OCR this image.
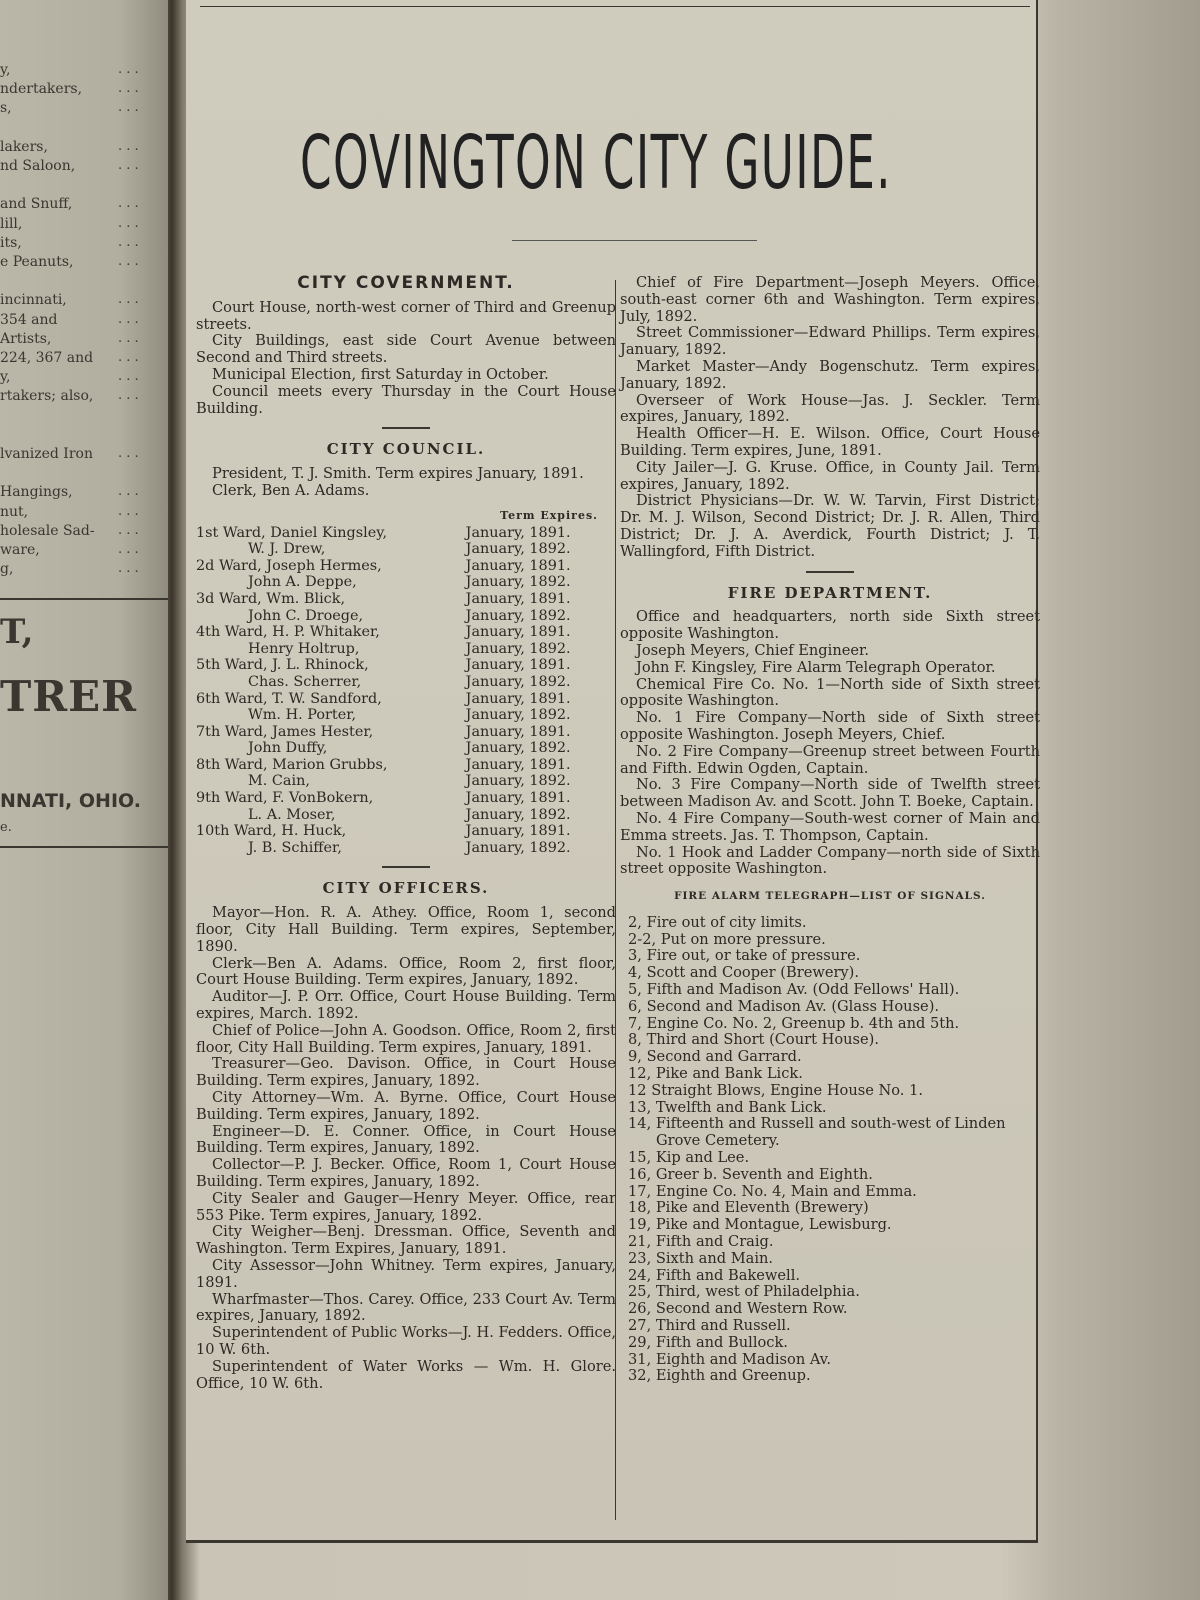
y,	. . .
ndertakers,	. . .
s,	. . .
lakers,	. . .
nd Saloon,	. . .
and Snuff,	. . .
lill,	. . .
its,	. . .
e Peanuts,	. . .
incinnati,	. . .
354 and	. . .
Artists,	. . .
224, 367 and . . .
y,	. . .
rtakers; also, . . .
lvanized Iron . . .
Hangings,	. . .
nut,	. . .
holesale Sad- . . .
ware,	. . .
g,	. . .
T,
TRER
NNATI, OHIO.
e.
COVINGTON CITY GUIDE.
CITY COVERNMENT.

Court House, north-west corner of Third and Greenup streets.

City Buildings, east side Court Avenue between Second and Third streets.

Municipal Election, first Saturday in October.

Council meets every Thursday in the Court House Building.

CITY COUNCIL.

President, T. J. Smith. Term expires January, 1891.

Clerk, Ben A. Adams.

Term Expires.
1st Ward, Daniel Kingsley,	January, 1891.
W. J. Drew,	January, 1892.
2d Ward, Joseph Hermes,	January, 1891.
John A. Deppe,	January, 1892.
3d Ward, Wm. Blick,	January, 1891.
John C. Droege,	January, 1892.
4th Ward, H. P. Whitaker,	January, 1891.
Henry Holtrup,	January, 1892.
5th Ward, J. L. Rhinock,	January, 1891.
Chas. Scherrer,	January, 1892.
6th Ward, T. W. Sandford,	January, 1891.
Wm. H. Porter,	January, 1892.
7th Ward, James Hester,	January, 1891.
John Duffy,	January, 1892.
8th Ward, Marion Grubbs,	January, 1891.
M. Cain,	January, 1892.
9th Ward, F. VonBokern,	January, 1891.
L. A. Moser,	January, 1892.
10th Ward, H. Huck,	January, 1891.
J. B. Schiffer,	January, 1892.
CITY OFFICERS.

Mayor—Hon. R. A. Athey. Office, Room 1, second floor, City Hall Building. Term expires, September, 1890.

Clerk—Ben A. Adams. Office, Room 2, first floor, Court House Building. Term expires, January, 1892.

Auditor—J. P. Orr. Office, Court House Building. Term expires, March. 1892.

Chief of Police—John A. Goodson. Office, Room 2, first floor, City Hall Building. Term expires, January, 1891.

Treasurer—Geo. Davison. Office, in Court House Building. Term expires, January, 1892.

City Attorney—Wm. A. Byrne. Office, Court House Building. Term expires, January, 1892.

Engineer—D. E. Conner. Office, in Court House Building. Term expires, January, 1892.

Collector—P. J. Becker. Office, Room 1, Court House Building. Term expires, January, 1892.

City Sealer and Gauger—Henry Meyer. Office, rear 553 Pike. Term expires, January, 1892.

City Weigher—Benj. Dressman. Office, Seventh and Washington. Term Expires, January, 1891.

City Assessor—John Whitney. Term expires, January, 1891.

Wharfmaster—Thos. Carey. Office, 233 Court Av. Term expires, January, 1892.

Superintendent of Public Works—J. H. Fedders. Office, 10 W. 6th.

Superintendent of Water Works — Wm. H. Glore. Office, 10 W. 6th.

Chief of Fire Department—Joseph Meyers. Office, south-east corner 6th and Washington. Term expires, July, 1892.

Street Commissioner—Edward Phillips. Term expires, January, 1892.

Market Master—Andy Bogenschutz. Term expires, January, 1892.

Overseer of Work House—Jas. J. Seckler. Term expires, January, 1892.

Health Officer—H. E. Wilson. Office, Court House Building. Term expires, June, 1891.

City Jailer—J. G. Kruse. Office, in County Jail. Term expires, January, 1892.

District Physicians—Dr. W. W. Tarvin, First District; Dr. M. J. Wilson, Second District; Dr. J. R. Allen, Third District; Dr. J. A. Averdick, Fourth District; J. T. Wallingford, Fifth District.

FIRE DEPARTMENT.

Office and headquarters, north side Sixth street opposite Washington.

Joseph Meyers, Chief Engineer.

John F. Kingsley, Fire Alarm Telegraph Operator.

Chemical Fire Co. No. 1—North side of Sixth street opposite Washington.

No. 1 Fire Company—North side of Sixth street opposite Washington. Joseph Meyers, Chief.

No. 2 Fire Company—Greenup street between Fourth and Fifth. Edwin Ogden, Captain.

No. 3 Fire Company—North side of Twelfth street between Madison Av. and Scott. John T. Boeke, Captain.

No. 4 Fire Company—South-west corner of Main and Emma streets. Jas. T. Thompson, Captain.

No. 1 Hook and Ladder Company—north side of Sixth street opposite Washington.

FIRE ALARM TELEGRAPH—LIST OF SIGNALS.

2, Fire out of city limits.

2-2, Put on more pressure.

3, Fire out, or take of pressure.

4, Scott and Cooper (Brewery).

5, Fifth and Madison Av. (Odd Fellows' Hall).

6, Second and Madison Av. (Glass House).

7, Engine Co. No. 2, Greenup b. 4th and 5th.

8, Third and Short (Court House).

9, Second and Garrard.

12, Pike and Bank Lick.

12 Straight Blows, Engine House No. 1.

13, Twelfth and Bank Lick.

14, Fifteenth and Russell and south-west of Linden Grove Cemetery.

15, Kip and Lee.

16, Greer b. Seventh and Eighth.

17, Engine Co. No. 4, Main and Emma.

18, Pike and Eleventh (Brewery)

19, Pike and Montague, Lewisburg.

21, Fifth and Craig.

23, Sixth and Main.

24, Fifth and Bakewell.

25, Third, west of Philadelphia.

26, Second and Western Row.

27, Third and Russell.

29, Fifth and Bullock.

31, Eighth and Madison Av.

32, Eighth and Greenup.
